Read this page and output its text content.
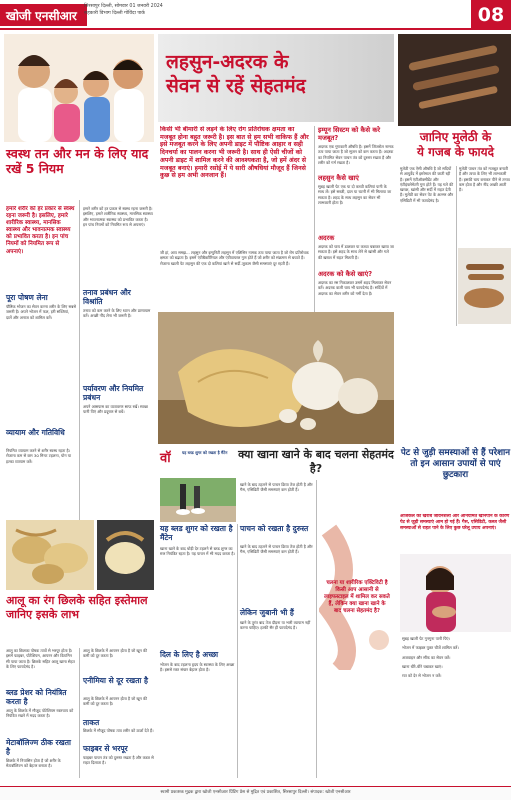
खोजी एनसीआर
सिरसापुर दिल्ली, सोमवार 01 जनवरी 2024
सहकारी विभाग दिल्ली गोविंदा पार्क	08
स्वस्थ तन और मन के लिए याद रखें 5 नियम
हमारे शरीर को हर प्रकार से स्वस्थ रहना जरूरी है। इसलिए, हमारे शारीरिक स्वास्थ्य, मानसिक स्वास्थ्य और भावनात्मक स्वास्थ्य को प्रभावित करता है। इन पांच नियमों को नियमित रूप से अपनाएं।
पूरा पोषण लेना
पौष्टिक भोजन का सेवन करना शरीर के लिए सबसे जरूरी है। अपने भोजन में फल, हरी सब्जियां, दालें और अनाज को शामिल करें।
व्यायाम और गतिविधि
नियमित व्यायाम करने से शरीर स्वस्थ रहता है। रोजाना कम से कम 30 मिनट टहलना, योग या हल्का व्यायाम करें।
हमारे शरीर को हर प्रकार से स्वस्थ रहना जरूरी है। इसलिए, हमारे शारीरिक स्वास्थ्य, मानसिक स्वास्थ्य और भावनात्मक स्वास्थ्य को प्रभावित करता है। इन पांच नियमों को नियमित रूप से अपनाएं।
तनाव प्रबंधन और विश्रांति
तनाव को कम करने के लिए ध्यान और प्राणायाम करें। अच्छी नींद लेना भी जरूरी है।
पर्यावरण और नियमित प्रबंधन
अपने आसपास का वातावरण साफ रखें। स्वच्छ पानी पिएं और प्रदूषण से बचें।
आलू का रंग छिलके सहित इस्तेमाल जानिए इसके लाभ
आलू का छिलका पोषक तत्वों से भरपूर होता है। इसमें फाइबर, पोटेशियम, आयरन और विटामिन सी पाया जाता है। छिलके सहित आलू खाना सेहत के लिए फायदेमंद है।
ब्लड प्रेशर को नियंत्रित करता है
आलू के छिलके में मौजूद पोटेशियम रक्तचाप को नियंत्रित रखने में मदद करता है।
मेटाबॉलिज्म ठीक रखता है
छिलके में नियासिन होता है जो शरीर के मेटाबॉलिज्म को बेहतर बनाता है।
आलू के छिलके में आयरन होता है जो खून की कमी को दूर करता है।
एनीमिया से दूर रखता है
आलू के छिलके में आयरन होता है जो खून की कमी को दूर करता है।
ताकत
छिलके में मौजूद पोषक तत्व शरीर को ऊर्जा देते हैं।
फाइबर से भरपूर
फाइबर पाचन तंत्र को दुरुस्त रखता है और कब्ज से राहत दिलाता है।
लहसुन-अदरक के
सेवन से रहें सेहतमंद
किसी भी बीमारी से लड़ने के लिए रोग प्रतिरोधक क्षमता का मजबूत होना बहुत जरूरी है। इस बात से हम सभी वाकिफ हैं और इसे मजबूत करने के लिए अपनी डाइट में पौष्टिक आहार व सही दिनचर्या का पालन करना भी जरूरी है। साथ ही ऐसी चीजों को अपनी डाइट में शामिल करने की आवश्यकता है, जो हमें अंदर से मजबूत बनाएं। हमारी रसोई में ये सारी औषधियां मौजूद हैं जिनसे कुछ से हम अभी अनजान हैं।
जी हां, आप समझ... लहसुन और इम्युनिटी लहसुन में एलिसिन नामक तत्व पाया जाता है जो रोग प्रतिरोधक क्षमता को बढ़ाता है। इसमें एंटीबैक्टीरियल और एंटीवायरल गुण होते हैं जो शरीर को संक्रमण से बचाते हैं। रोजाना खाली पेट लहसुन की एक दो कलियां खाने से सर्दी-जुकाम जैसी समस्याएं दूर रहती हैं।
इम्यून सिस्टम को कैसे करे मजबूत?
अदरक एक गुणकारी औषधि है। इसमें जिंजरोल नामक तत्व पाया जाता है जो सूजन को कम करता है। अदरक का नियमित सेवन पाचन तंत्र को दुरुस्त रखता है और शरीर को गर्म रखता है।
लहसुन कैसे खाएं
सुबह खाली पेट एक या दो कच्ची कलियां पानी के साथ लें। इसे सब्जी, दाल या चटनी में भी मिलाया जा सकता है। शहद के साथ लहसुन का सेवन भी लाभकारी होता है।
अदरक
अदरक को चाय में डालकर या कच्चा चबाकर खाया जा सकता है। इसे शहद के साथ लेने से खांसी और गले की खराश में राहत मिलती है।
अदरक को कैसे खाएं?
अदरक का रस निकालकर उसमें शहद मिलाकर सेवन करें। अदरक वाली चाय भी फायदेमंद है। सर्दियों में अदरक का सेवन शरीर को गर्मी देता है।
जानिए मुलेठी के
ये गजब के फायदे
मुलेठी एक ऐसी औषधि है जो सदियों से आयुर्वेद में इस्तेमाल की जाती रही है। इसमें एंटीऑक्सीडेंट और एंटीइंफ्लेमेटरी गुण होते हैं। यह गले की खराश, खांसी और सर्दी में राहत देती है। मुलेठी का सेवन पेट के अल्सर और एसिडिटी में भी फायदेमंद है।
मुलेठी पाचन तंत्र को मजबूत बनाती है और त्वचा के लिए भी लाभकारी है। इसकी चाय बनाकर पीने से तनाव कम होता है और नींद अच्छी आती है।
वॉ	यह ब्लड शुगर को रखता है मैंटेन क्या खाना खाने के बाद चलना सेहतमंद है?
यह ब्लड शुगर को रखता है मैंटेन
खाना खाने के बाद थोड़ी देर टहलने से ब्लड शुगर का स्तर नियंत्रित रहता है। यह पाचन में भी मदद करता है।
दिल के लिए है अच्छा
भोजन के बाद टहलना हृदय के स्वास्थ्य के लिए अच्छा है। इससे रक्त संचार बेहतर होता है।
खाने के बाद टहलने से पाचन क्रिया तेज होती है और गैस, एसिडिटी जैसी समस्याएं कम होती हैं।
पाचन को रखता है दुरुस्त
खाने के बाद टहलने से पाचन क्रिया तेज होती है और गैस, एसिडिटी जैसी समस्याएं कम होती हैं।
लेकिन जुबानी भी हैं
खाने के तुरंत बाद तेज दौड़ना या भारी व्यायाम नहीं करना चाहिए। हल्की सैर ही फायदेमंद है।
चलना या शारीरिक एक्टिविटी है किसी आप आसानी से लाइफस्टाइल में शामिल कर सकते हैं, लेकिन क्या खाना खाने के बाद चलना सेहतमंद है?
पेट से जुड़ी समस्याओं से हैं परेशान तो इन आसान उपायों से पाएं छुटकारा
आजकल की खराब जीवनशैली और अनियमित खानपान के कारण पेट से जुड़ी समस्याएं आम हो गई हैं। गैस, एसिडिटी, कब्ज जैसी समस्याओं से राहत पाने के लिए कुछ घरेलू उपाय अपनाएं।
सुबह खाली पेट गुनगुना पानी पिएं।
भोजन में फाइबर युक्त चीजें शामिल करें।
अजवाइन और सौंफ का सेवन करें।
खाना धीरे-धीरे चबाकर खाएं।
रात को देर से भोजन न करें।
स्वामी प्रकाशक मुद्रक द्वारा खोजी एनसीआर प्रिंटिंग प्रेस से मुद्रित एवं प्रकाशित, सिरसापुर दिल्ली। संपादक: खोजी एनसीआर
